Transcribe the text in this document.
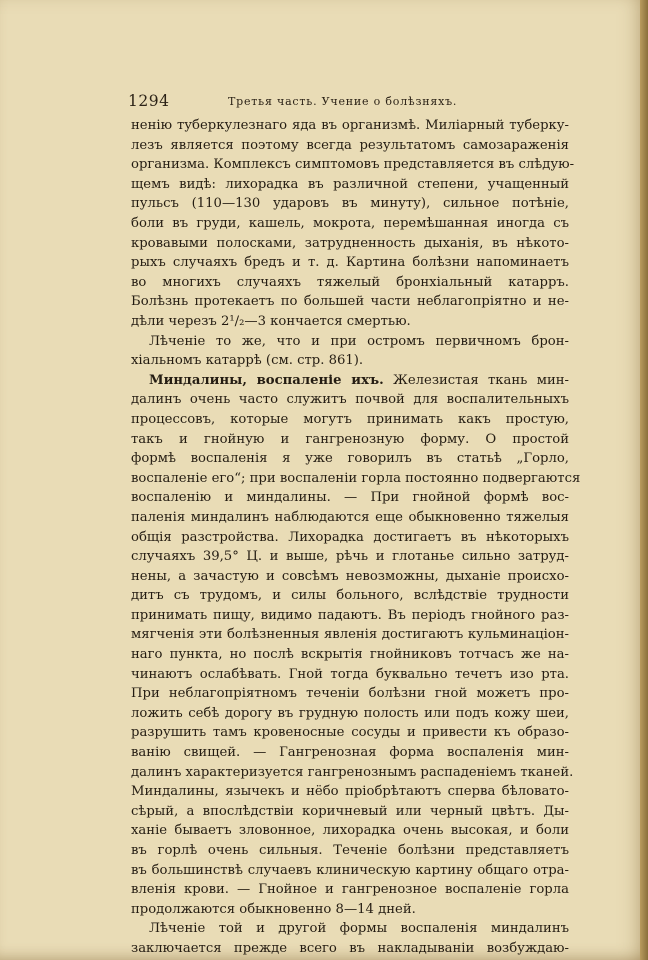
1294	Третья часть. Учение о болѣзняхъ.
ненію туберкулезнаго яда въ организмѣ. Миліарный туберку-
лезъ является поэтому всегда результатомъ самозараженія
организма. Комплексъ симптомовъ представляется въ слѣдую-
щемъ видѣ: лихорадка въ различной степени, учащенный
пульсъ (110—130 ударовъ въ минуту), сильное потѣніе,
боли въ груди, кашель, мокрота, перемѣшанная иногда съ
кровавыми полосками, затрудненность дыханія, въ нѣкото-
рыхъ случаяхъ бредъ и т. д. Картина болѣзни напоминаетъ
во многихъ случаяхъ тяжелый бронхіальный катарръ.
Болѣзнь протекаетъ по большей части неблагопріятно и не-
дѣли черезъ 2¹/₂—3 кончается смертью.
Лѣченіе то же, что и при остромъ первичномъ брон-
хіальномъ катаррѣ (см. стр. 861).
Миндалины, воспаленіе ихъ. Железистая ткань мин-
далинъ очень часто служитъ почвой для воспалительныхъ
процессовъ, которые могутъ принимать какъ простую,
такъ и гнойную и гангренозную форму. О простой
формѣ воспаленія я уже говорилъ въ статьѣ „Горло,
воспаленіе его“; при воспаленіи горла постоянно подвергаются
воспаленію и миндалины. — При гнойной формѣ вос-
паленія миндалинъ наблюдаются еще обыкновенно тяжелыя
общія разстройства. Лихорадка достигаетъ въ нѣкоторыхъ
случаяхъ 39,5° Ц. и выше, рѣчь и глотанье сильно затруд-
нены, а зачастую и совсѣмъ невозможны, дыханіе происхо-
дитъ съ трудомъ, и силы больного, вслѣдствіе трудности
принимать пищу, видимо падаютъ. Въ періодъ гнойного раз-
мягченія эти болѣзненныя явленія достигаютъ кульминаціон-
наго пункта, но послѣ вскрытія гнойниковъ тотчасъ же на-
чинаютъ ослабѣвать. Гной тогда буквально течетъ изо рта.
При неблагопріятномъ теченіи болѣзни гной можетъ про-
ложить себѣ дорогу въ грудную полость или подъ кожу шеи,
разрушить тамъ кровеносные сосуды и привести къ образо-
ванію свищей. — Гангренозная форма воспаленія мин-
далинъ характеризуется гангренознымъ распаденіемъ тканей.
Миндалины, язычекъ и нёбо пріобрѣтаютъ сперва бѣловато-
сѣрый, а впослѣдствіи коричневый или черный цвѣтъ. Ды-
ханіе бываетъ зловонное, лихорадка очень высокая, и боли
въ горлѣ очень сильныя. Теченіе болѣзни представляетъ
въ большинствѣ случаевъ клиническую картину общаго отра-
вленія крови. — Гнойное и гангренозное воспаленіе горла
продолжаются обыкновенно 8—14 дней.
Лѣченіе той и другой формы воспаленія миндалинъ
заключается прежде всего въ накладываніи возбуждаю-
